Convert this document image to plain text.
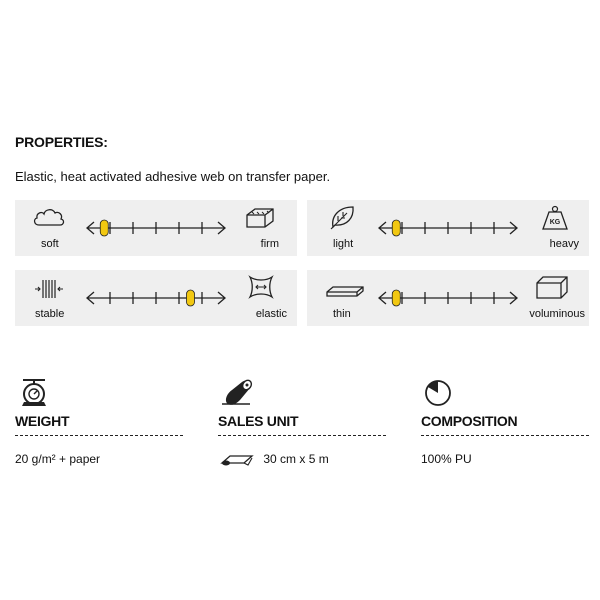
PROPERTIES:
Elastic, heat activated adhesive web on transfer paper.
soft	firm	light
KG
heavy
stable	elastic	thin	voluminous
WEIGHT
20 g/m² + paper
SALES UNIT
30 cm x 5 m
COMPOSITION
100% PU
